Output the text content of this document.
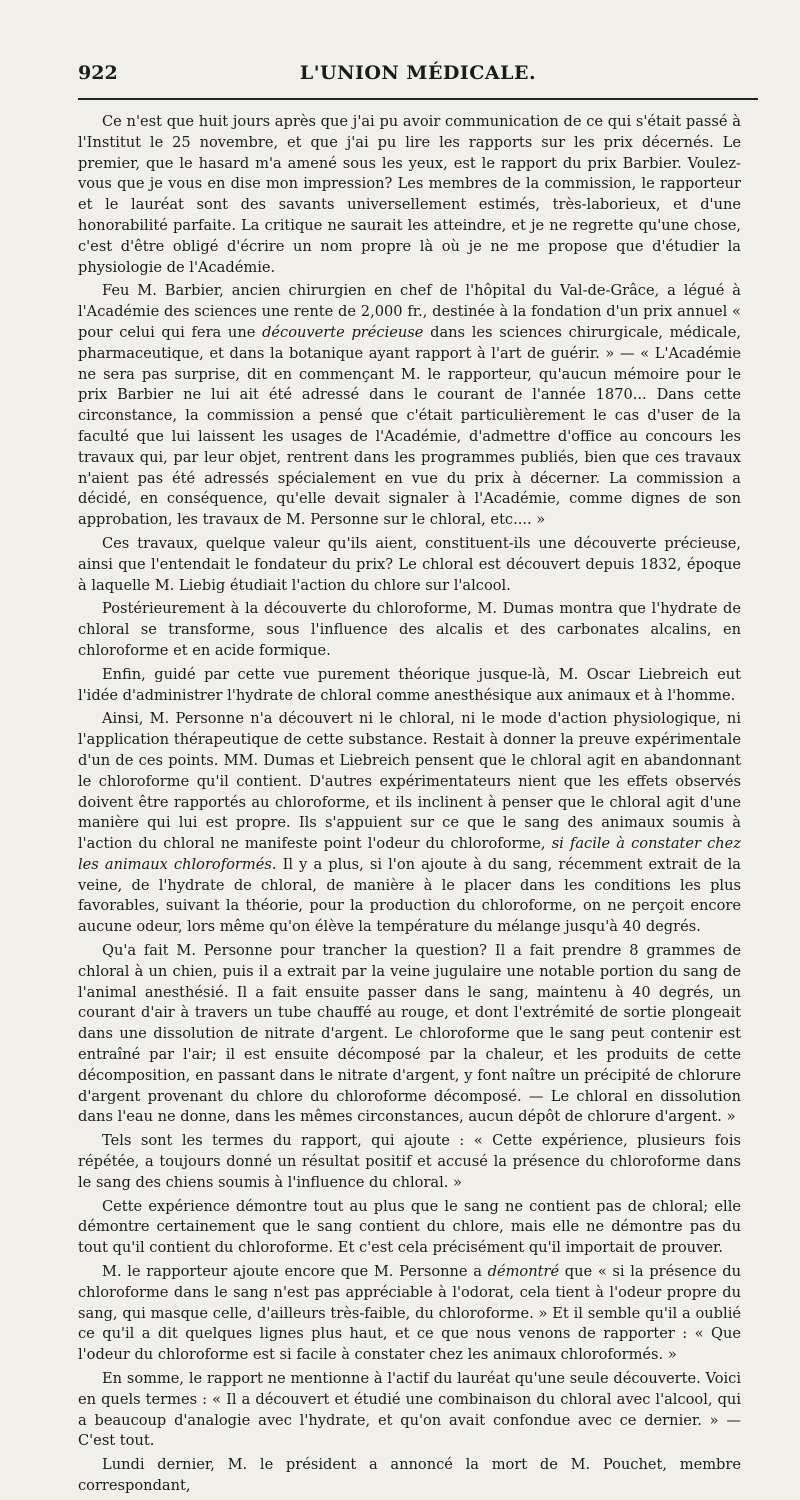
922	L'UNION MÉDICALE.

Ce n'est que huit jours après que j'ai pu avoir communication de ce qui s'était passé à l'Institut le 25 novembre, et que j'ai pu lire les rapports sur les prix décernés. Le premier, que le hasard m'a amené sous les yeux, est le rapport du prix Barbier. Voulez-vous que je vous en dise mon impression? Les membres de la commission, le rapporteur et le lauréat sont des savants universellement estimés, très-laborieux, et d'une honorabilité parfaite. La critique ne saurait les atteindre, et je ne regrette qu'une chose, c'est d'être obligé d'écrire un nom propre là où je ne me propose que d'étudier la physiologie de l'Académie.

Feu M. Barbier, ancien chirurgien en chef de l'hôpital du Val-de-Grâce, a légué à l'Académie des sciences une rente de 2,000 fr., destinée à la fondation d'un prix annuel « pour celui qui fera une découverte précieuse dans les sciences chirurgicale, médicale, pharmaceutique, et dans la botanique ayant rapport à l'art de guérir. » — « L'Académie ne sera pas surprise, dit en commençant M. le rapporteur, qu'aucun mémoire pour le prix Barbier ne lui ait été adressé dans le courant de l'année 1870... Dans cette circonstance, la commission a pensé que c'était particulièrement le cas d'user de la faculté que lui laissent les usages de l'Académie, d'admettre d'office au concours les travaux qui, par leur objet, rentrent dans les programmes publiés, bien que ces travaux n'aient pas été adressés spécialement en vue du prix à décerner. La commission a décidé, en conséquence, qu'elle devait signaler à l'Académie, comme dignes de son approbation, les travaux de M. Personne sur le chloral, etc.... »

Ces travaux, quelque valeur qu'ils aient, constituent-ils une découverte précieuse, ainsi que l'entendait le fondateur du prix? Le chloral est découvert depuis 1832, époque à laquelle M. Liebig étudiait l'action du chlore sur l'alcool.

Postérieurement à la découverte du chloroforme, M. Dumas montra que l'hydrate de chloral se transforme, sous l'influence des alcalis et des carbonates alcalins, en chloroforme et en acide formique.

Enfin, guidé par cette vue purement théorique jusque-là, M. Oscar Liebreich eut l'idée d'administrer l'hydrate de chloral comme anesthésique aux animaux et à l'homme.

Ainsi, M. Personne n'a découvert ni le chloral, ni le mode d'action physiologique, ni l'application thérapeutique de cette substance. Restait à donner la preuve expérimentale d'un de ces points. MM. Dumas et Liebreich pensent que le chloral agit en abandonnant le chloroforme qu'il contient. D'autres expérimentateurs nient que les effets observés doivent être rapportés au chloroforme, et ils inclinent à penser que le chloral agit d'une manière qui lui est propre. Ils s'appuient sur ce que le sang des animaux soumis à l'action du chloral ne manifeste point l'odeur du chloroforme, si facile à constater chez les animaux chloroformés. Il y a plus, si l'on ajoute à du sang, récemment extrait de la veine, de l'hydrate de chloral, de manière à le placer dans les conditions les plus favorables, suivant la théorie, pour la production du chloroforme, on ne perçoit encore aucune odeur, lors même qu'on élève la température du mélange jusqu'à 40 degrés.

Qu'a fait M. Personne pour trancher la question? Il a fait prendre 8 grammes de chloral à un chien, puis il a extrait par la veine jugulaire une notable portion du sang de l'animal anesthésié. Il a fait ensuite passer dans le sang, maintenu à 40 degrés, un courant d'air à travers un tube chauffé au rouge, et dont l'extrémité de sortie plongeait dans une dissolution de nitrate d'argent. Le chloroforme que le sang peut contenir est entraîné par l'air; il est ensuite décomposé par la chaleur, et les produits de cette décomposition, en passant dans le nitrate d'argent, y font naître un précipité de chlorure d'argent provenant du chlore du chloroforme décomposé. — Le chloral en dissolution dans l'eau ne donne, dans les mêmes circonstances, aucun dépôt de chlorure d'argent. »

Tels sont les termes du rapport, qui ajoute : « Cette expérience, plusieurs fois répétée, a toujours donné un résultat positif et accusé la présence du chloroforme dans le sang des chiens soumis à l'influence du chloral. »

Cette expérience démontre tout au plus que le sang ne contient pas de chloral; elle démontre certainement que le sang contient du chlore, mais elle ne démontre pas du tout qu'il contient du chloroforme. Et c'est cela précisément qu'il importait de prouver.

M. le rapporteur ajoute encore que M. Personne a démontré que « si la présence du chloroforme dans le sang n'est pas appréciable à l'odorat, cela tient à l'odeur propre du sang, qui masque celle, d'ailleurs très-faible, du chloroforme. » Et il semble qu'il a oublié ce qu'il a dit quelques lignes plus haut, et ce que nous venons de rapporter : « Que l'odeur du chloroforme est si facile à constater chez les animaux chloroformés. »

En somme, le rapport ne mentionne à l'actif du lauréat qu'une seule découverte. Voici en quels termes : « Il a découvert et étudié une combinaison du chloral avec l'alcool, qui a beaucoup d'analogie avec l'hydrate, et qu'on avait confondue avec ce dernier. » — C'est tout.

Lundi dernier, M. le président a annoncé la mort de M. Pouchet, membre correspondant,
